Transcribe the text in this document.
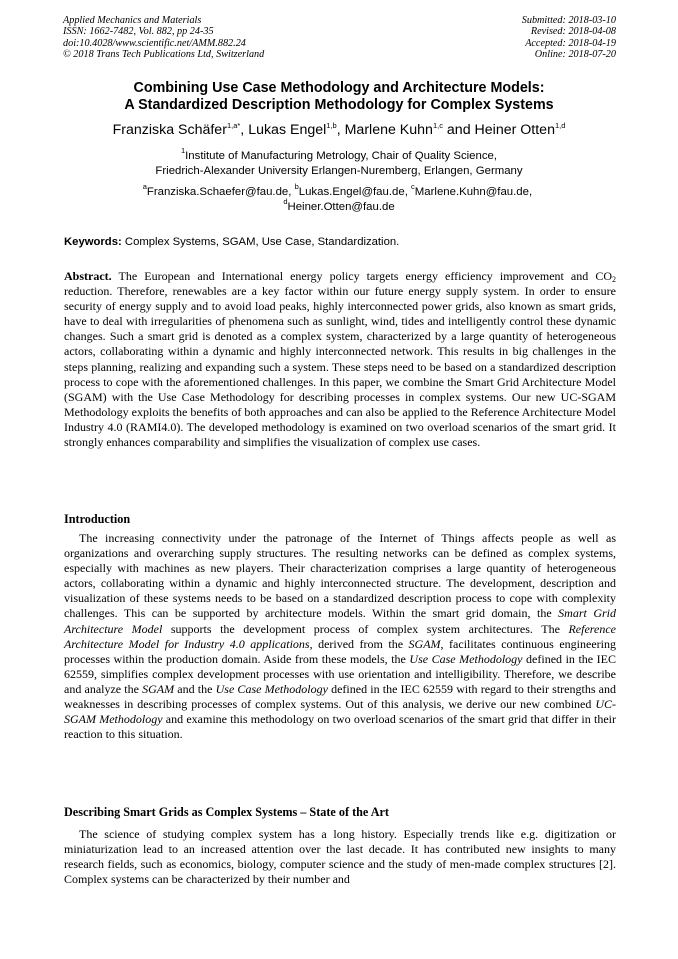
Applied Mechanics and Materials
ISSN: 1662-7482, Vol. 882, pp 24-35
doi:10.4028/www.scientific.net/AMM.882.24
© 2018 Trans Tech Publications Ltd, Switzerland
Submitted: 2018-03-10
Revised: 2018-04-08
Accepted: 2018-04-19
Online: 2018-07-20
Combining Use Case Methodology and Architecture Models:
A Standardized Description Methodology for Complex Systems
Franziska Schäfer$^{1,a*}$, Lukas Engel$^{1,b}$, Marlene Kuhn$^{1,c}$ and Heiner Otten$^{1,d}$
$^1$Institute of Manufacturing Metrology, Chair of Quality Science,
Friedrich-Alexander University Erlangen-Nuremberg, Erlangen, Germany
$^a$Franziska.Schaefer@fau.de, $^b$Lukas.Engel@fau.de, $^c$Marlene.Kuhn@fau.de,
$^d$Heiner.Otten@fau.de
Keywords: Complex Systems, SGAM, Use Case, Standardization.

Abstract. The European and International energy policy targets energy efficiency improvement and $CO_2$ reduction. Therefore, renewables are a key factor within our future energy supply system. In order to ensure security of energy supply and to avoid load peaks, highly interconnected power grids, also known as smart grids, have to deal with irregularities of phenomena such as sunlight, wind, tides and intelligently control these dynamic changes. Such a smart grid is denoted as a complex system, characterized by a large quantity of heterogeneous actors, collaborating within a dynamic and highly interconnected network. This results in big challenges in the steps planning, realizing and expanding such a system. These steps need to be based on a standardized description process to cope with the aforementioned challenges. In this paper, we combine the Smart Grid Architecture Model (SGAM) with the Use Case Methodology for describing processes in complex systems. Our new UC-SGAM Methodology exploits the benefits of both approaches and can also be applied to the Reference Architecture Model Industry 4.0 (RAMI4.0). The developed methodology is examined on two overload scenarios of the smart grid. It strongly enhances comparability and simplifies the visualization of complex use cases.

Introduction

The increasing connectivity under the patronage of the Internet of Things affects people as well as organizations and overarching supply structures. The resulting networks can be defined as complex systems, especially with machines as new players. Their characterization comprises a large quantity of heterogeneous actors, collaborating within a dynamic and highly interconnected structure. The development, description and visualization of these systems needs to be based on a standardized description process to cope with complexity challenges. This can be supported by architecture models. Within the smart grid domain, the Smart Grid Architecture Model supports the development process of complex system architectures. The Reference Architecture Model for Industry 4.0 applications, derived from the SGAM, facilitates continuous engineering processes within the production domain. Aside from these models, the Use Case Methodology defined in the IEC 62559, simplifies complex development processes with use orientation and intelligibility. Therefore, we describe and analyze the SGAM and the Use Case Methodology defined in the IEC 62559 with regard to their strengths and weaknesses in describing processes of complex systems. Out of this analysis, we derive our new combined UC-SGAM Methodology and examine this methodology on two overload scenarios of the smart grid that differ in their reaction to this situation.

Describing Smart Grids as Complex Systems – State of the Art

The science of studying complex system has a long history. Especially trends like e.g. digitization or miniaturization lead to an increased attention over the last decade. It has contributed new insights to many research fields, such as economics, biology, computer science and the study of men-made complex structures [2]. Complex systems can be characterized by their number and
